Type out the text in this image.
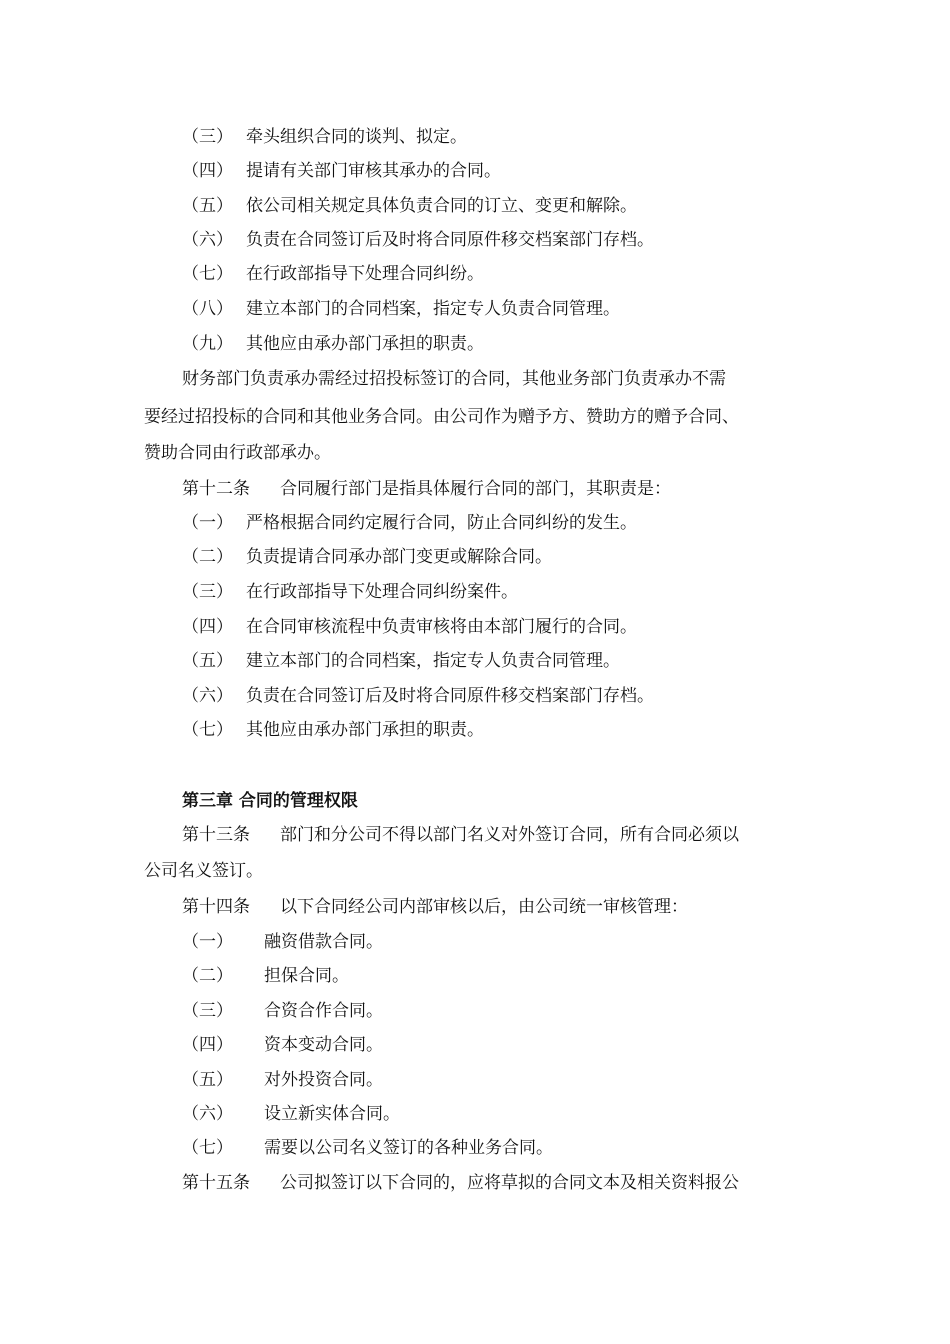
（三） 牵头组织合同的谈判、拟定。
（四） 提请有关部门审核其承办的合同。
（五） 依公司相关规定具体负责合同的订立、变更和解除。
（六） 负责在合同签订后及时将合同原件移交档案部门存档。
（七） 在行政部指导下处理合同纠纷。
（八） 建立本部门的合同档案，指定专人负责合同管理。
（九） 其他应由承办部门承担的职责。
财务部门负责承办需经过招投标签订的合同，其他业务部门负责承办不需
要经过招投标的合同和其他业务合同。由公司作为赠予方、赞助方的赠予合同、
赞助合同由行政部承办。
第十二条 合同履行部门是指具体履行合同的部门，其职责是：
（一） 严格根据合同约定履行合同，防止合同纠纷的发生。
（二） 负责提请合同承办部门变更或解除合同。
（三） 在行政部指导下处理合同纠纷案件。
（四） 在合同审核流程中负责审核将由本部门履行的合同。
（五） 建立本部门的合同档案，指定专人负责合同管理。
（六） 负责在合同签订后及时将合同原件移交档案部门存档。
（七） 其他应由承办部门承担的职责。
第三章 合同的管理权限
第十三条 部门和分公司不得以部门名义对外签订合同，所有合同必须以
公司名义签订。
第十四条 以下合同经公司内部审核以后，由公司统一审核管理：
（一） 融资借款合同。
（二） 担保合同。
（三） 合资合作合同。
（四） 资本变动合同。
（五） 对外投资合同。
（六） 设立新实体合同。
（七） 需要以公司名义签订的各种业务合同。
第十五条 公司拟签订以下合同的，应将草拟的合同文本及相关资料报公
